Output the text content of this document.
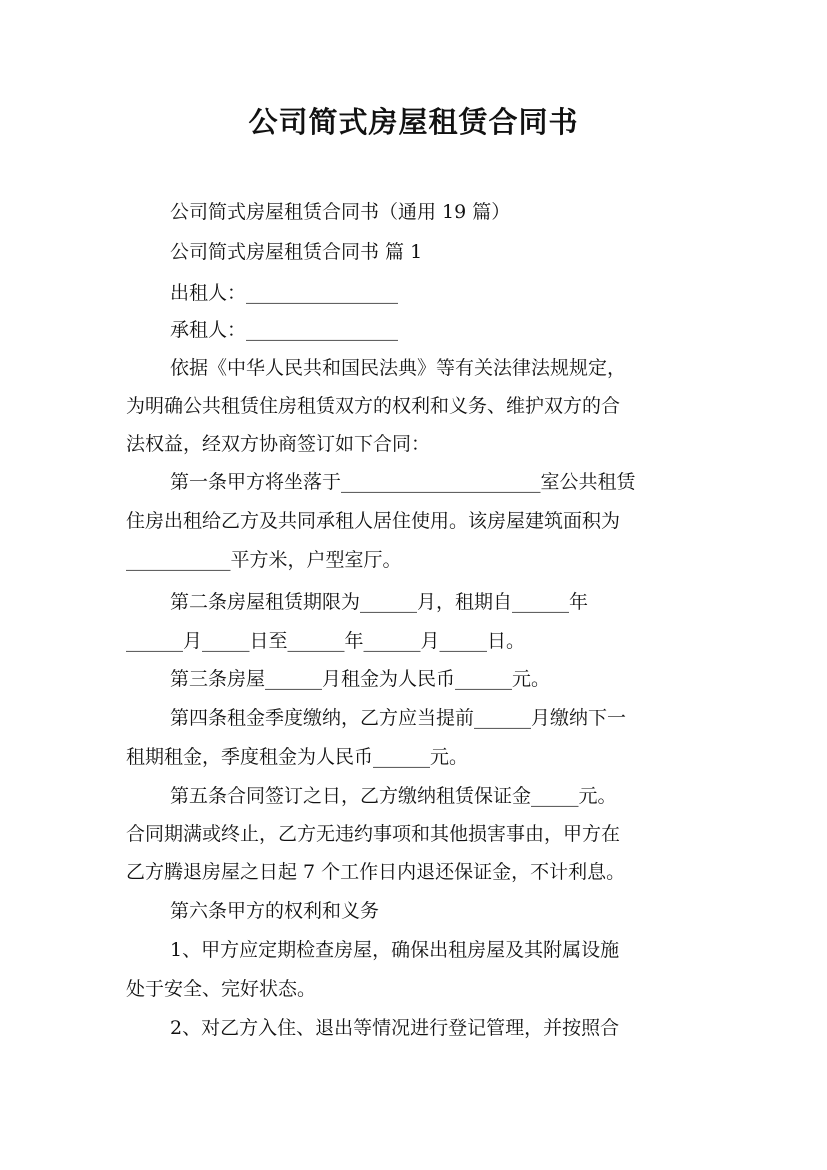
公司简式房屋租赁合同书

公司简式房屋租赁合同书（通用 19 篇）

公司简式房屋租赁合同书 篇 1

出租人：________________

承租人：________________

依据《中华人民共和国民法典》等有关法律法规规定，

为明确公共租赁住房租赁双方的权利和义务、维护双方的合

法权益，经双方协商签订如下合同：

第一条甲方将坐落于_____________________室公共租赁

住房出租给乙方及共同承租人居住使用。该房屋建筑面积为

___________平方米，户型室厅。

第二条房屋租赁期限为______月，租期自______年

______月_____日至______年______月_____日。

第三条房屋______月租金为人民币______元。

第四条租金季度缴纳，乙方应当提前______月缴纳下一

租期租金，季度租金为人民币______元。

第五条合同签订之日，乙方缴纳租赁保证金_____元。

合同期满或终止，乙方无违约事项和其他损害事由，甲方在

乙方腾退房屋之日起 7 个工作日内退还保证金，不计利息。

第六条甲方的权利和义务

1、甲方应定期检查房屋，确保出租房屋及其附属设施

处于安全、完好状态。

2、对乙方入住、退出等情况进行登记管理，并按照合
